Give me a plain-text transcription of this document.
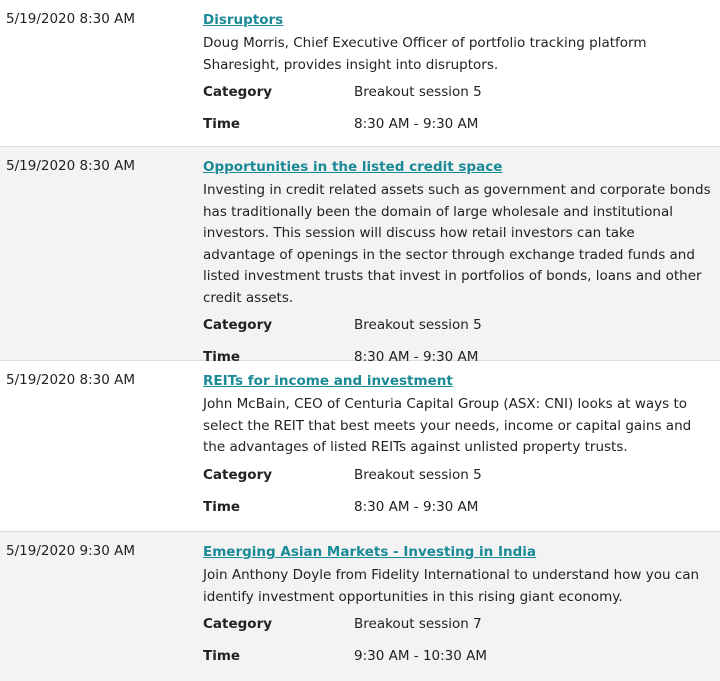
5/19/2020 8:30 AM	Disruptors
Doug Morris, Chief Executive Officer of portfolio tracking platform Sharesight, provides insight into disruptors.
Category	Breakout session 5
Time	8:30 AM - 9:30 AM
5/19/2020 8:30 AM	Opportunities in the listed credit space
Investing in credit related assets such as government and corporate bonds has traditionally been the domain of large wholesale and institutional investors. This session will discuss how retail investors can take advantage of openings in the sector through exchange traded funds and listed investment trusts that invest in portfolios of bonds, loans and other credit assets.
Category	Breakout session 5
Time	8:30 AM - 9:30 AM
5/19/2020 8:30 AM	REITs for income and investment
John McBain, CEO of Centuria Capital Group (ASX: CNI) looks at ways to select the REIT that best meets your needs, income or capital gains and the advantages of listed REITs against unlisted property trusts.
Category	Breakout session 5
Time	8:30 AM - 9:30 AM
5/19/2020 9:30 AM	Emerging Asian Markets - Investing in India
Join Anthony Doyle from Fidelity International to understand how you can identify investment opportunities in this rising giant economy.
Category	Breakout session 7
Time	9:30 AM - 10:30 AM
